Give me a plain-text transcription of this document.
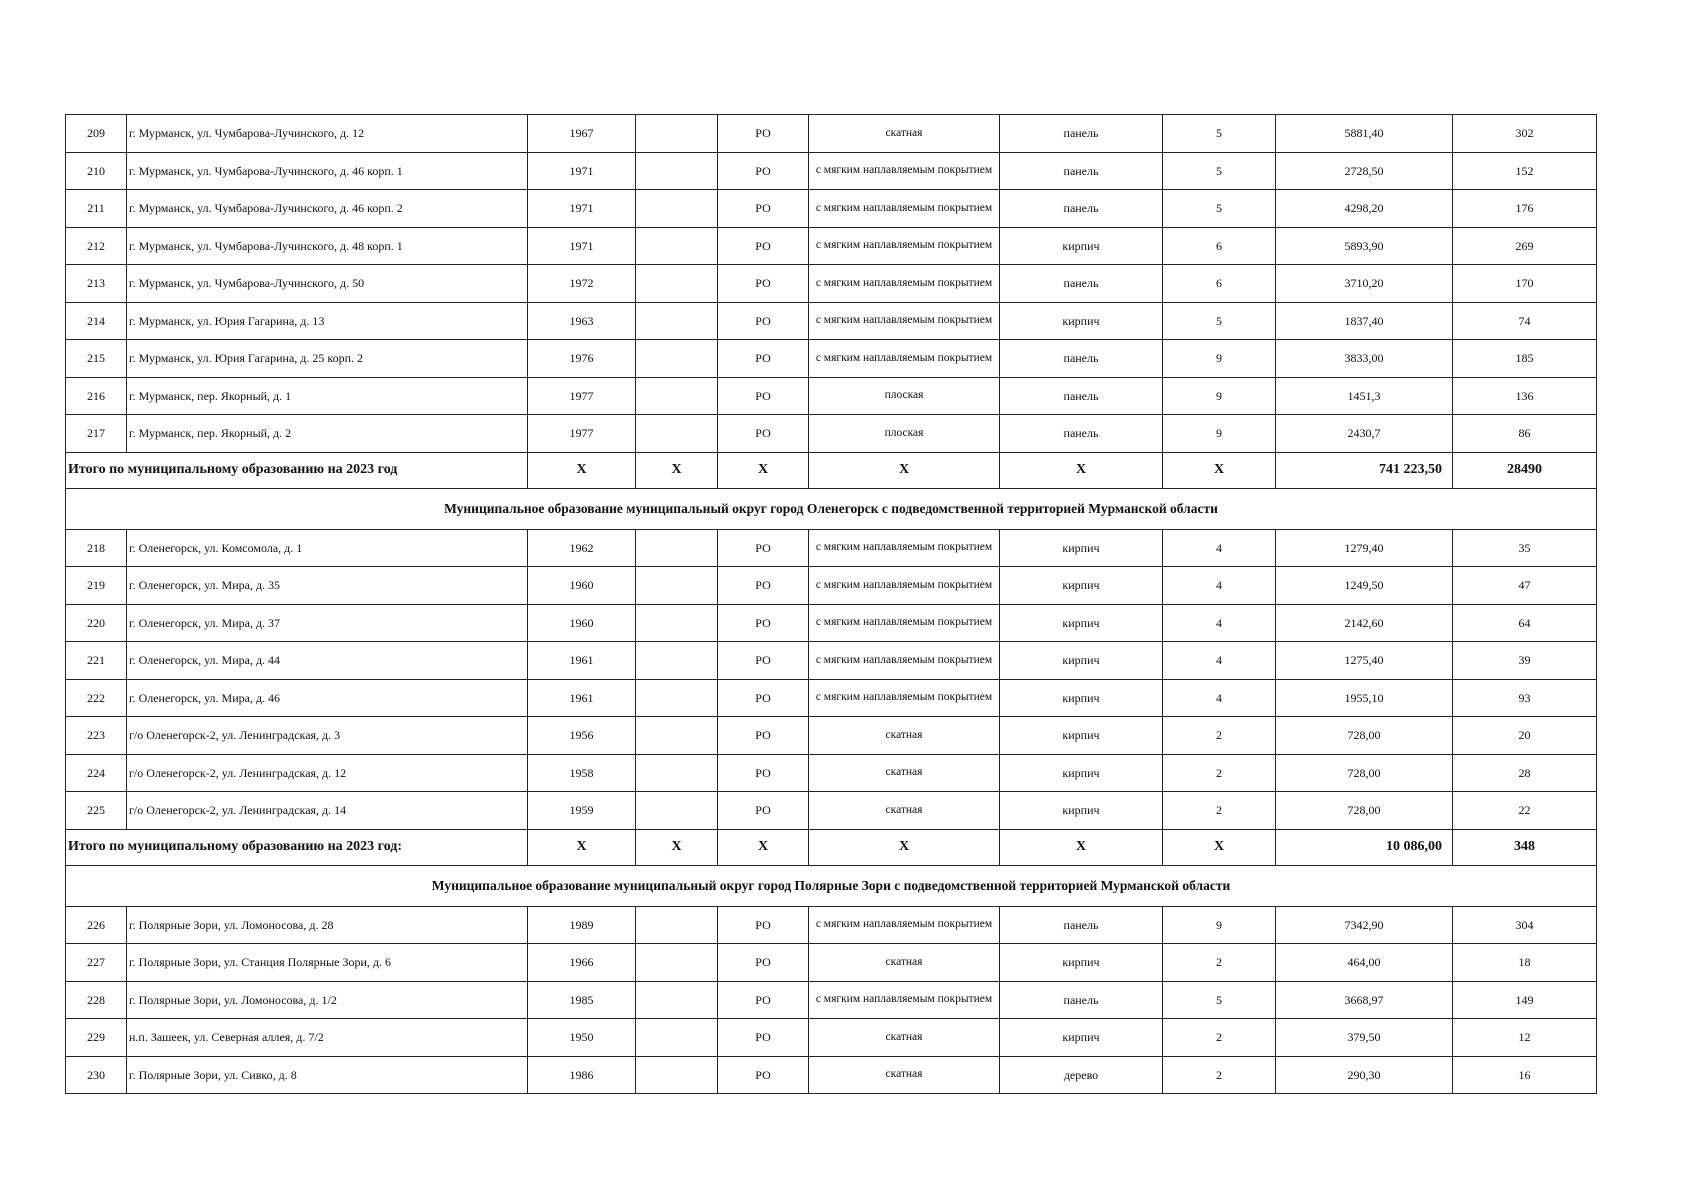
209	г. Мурманск, ул. Чумбарова-Лучинского, д. 12	1967		РО	скатная	панель	5	5881,40	302
210	г. Мурманск, ул. Чумбарова-Лучинского, д. 46 корп. 1	1971		РО	с мягким наплавляемым покрытием	панель	5	2728,50	152
211	г. Мурманск, ул. Чумбарова-Лучинского, д. 46 корп. 2	1971		РО	с мягким наплавляемым покрытием	панель	5	4298,20	176
212	г. Мурманск, ул. Чумбарова-Лучинского, д. 48 корп. 1	1971		РО	с мягким наплавляемым покрытием	кирпич	6	5893,90	269
213	г. Мурманск, ул. Чумбарова-Лучинского, д. 50	1972		РО	с мягким наплавляемым покрытием	панель	6	3710,20	170
214	г. Мурманск, ул. Юрия Гагарина, д. 13	1963		РО	с мягким наплавляемым покрытием	кирпич	5	1837,40	74
215	г. Мурманск, ул. Юрия Гагарина, д. 25 корп. 2	1976		РО	с мягким наплавляемым покрытием	панель	9	3833,00	185
216	г. Мурманск, пер. Якорный, д. 1	1977		РО	плоская	панель	9	1451,3	136
217	г. Мурманск, пер. Якорный, д. 2	1977		РО	плоская	панель	9	2430,7	86
Итого по муниципальному образованию на 2023 год		X	X	X	X	X	X	741 223,50	28490
Муниципальное образование муниципальный округ город Оленегорск с подведомственной территорией Мурманской области									
218	г. Оленегорск, ул. Комсомола, д. 1	1962		РО	с мягким наплавляемым покрытием	кирпич	4	1279,40	35
219	г. Оленегорск, ул. Мира, д. 35	1960		РО	с мягким наплавляемым покрытием	кирпич	4	1249,50	47
220	г. Оленегорск, ул. Мира, д. 37	1960		РО	с мягким наплавляемым покрытием	кирпич	4	2142,60	64
221	г. Оленегорск, ул. Мира, д. 44	1961		РО	с мягким наплавляемым покрытием	кирпич	4	1275,40	39
222	г. Оленегорск, ул. Мира, д. 46	1961		РО	с мягким наплавляемым покрытием	кирпич	4	1955,10	93
223	г/о Оленегорск-2, ул. Ленинградская, д. 3	1956		РО	скатная	кирпич	2	728,00	20
224	г/о Оленегорск-2, ул. Ленинградская, д. 12	1958		РО	скатная	кирпич	2	728,00	28
225	г/о Оленегорск-2, ул. Ленинградская, д. 14	1959		РО	скатная	кирпич	2	728,00	22
Итого по муниципальному образованию на 2023 год:		X	X	X	X	X	X	10 086,00	348
Муниципальное образование муниципальный округ город Полярные Зори с подведомственной территорией Мурманской области									
226	г. Полярные Зори, ул. Ломоносова, д. 28	1989		РО	с мягким наплавляемым покрытием	панель	9	7342,90	304
227	г. Полярные Зори, ул. Станция Полярные Зори, д. 6	1966		РО	скатная	кирпич	2	464,00	18
228	г. Полярные Зори, ул. Ломоносова, д. 1/2	1985		РО	с мягким наплавляемым покрытием	панель	5	3668,97	149
229	н.п. Зашеек, ул. Северная аллея, д. 7/2	1950		РО	скатная	кирпич	2	379,50	12
230	г. Полярные Зори, ул. Сивко, д. 8	1986		РО	скатная	дерево	2	290,30	16
